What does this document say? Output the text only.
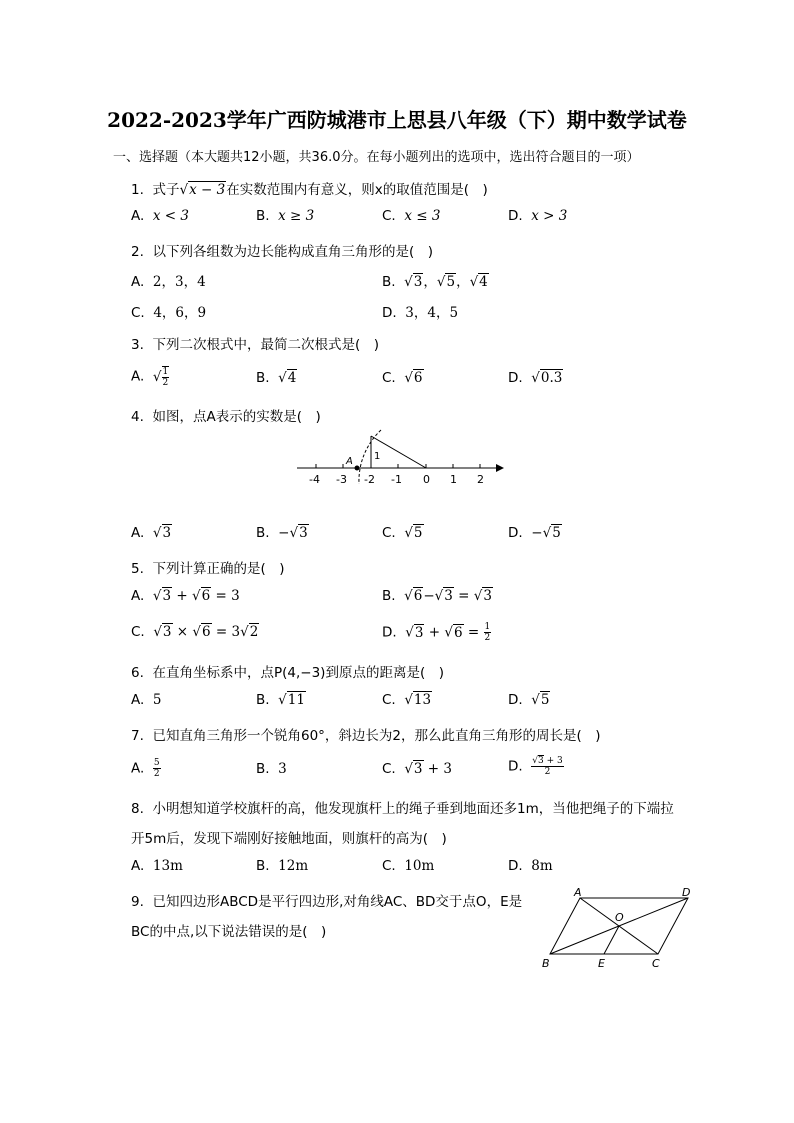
2022-2023学年广西防城港市上思县八年级（下）期中数学试卷
一、选择题（本大题共12小题，共36.0分。在每小题列出的选项中，选出符合题目的一项）
1. 式子√x − 3在实数范围内有意义，则x的取值范围是(　)
A. x < 3	B. x ≥ 3	C. x ≤ 3	D. x > 3
2. 以下列各组数为边长能构成直角三角形的是(　)
A. 2，3，4	B. √3，√5，√4
C. 4，6，9	D. 3，4，5
3. 下列二次根式中，最简二次根式是(　)
A. √ $\frac{1}{2}$	B. √4	C. √6	D. √0.3
4. 如图，点A表示的实数是(　)
-4 -3 -2 -1 0 1 2
A 1
A. √3	B. −√3	C. √5	D. −√5
5. 下列计算正确的是(　)
A. √3 + √6 = 3	B. √6−√3 = √3
C. √3 × √6 = 3√2	D. $√3 + √6 = \frac{1}{2}$
6. 在直角坐标系中，点P(4,−3)到原点的距离是(　)
A. 5	B. √11	C. √13	D. √5
7. 已知直角三角形一个锐角60°，斜边长为2，那么此直角三角形的周长是(　)
A. $\frac{5}{2}$	B. 3	C. √3 + 3	D. $\frac{√3 + 3}{2}$
8. 小明想知道学校旗杆的高，他发现旗杆上的绳子垂到地面还多1m，当他把绳子的下端拉
开5m后，发现下端刚好接触地面，则旗杆的高为(　)
A. 13m	B. 12m	C. 10m	D. 8m
9. 已知四边形ABCD是平行四边形,对角线AC、BD交于点O，E是
BC的中点,以下说法错误的是(　)
A	D
B	C
O
E
